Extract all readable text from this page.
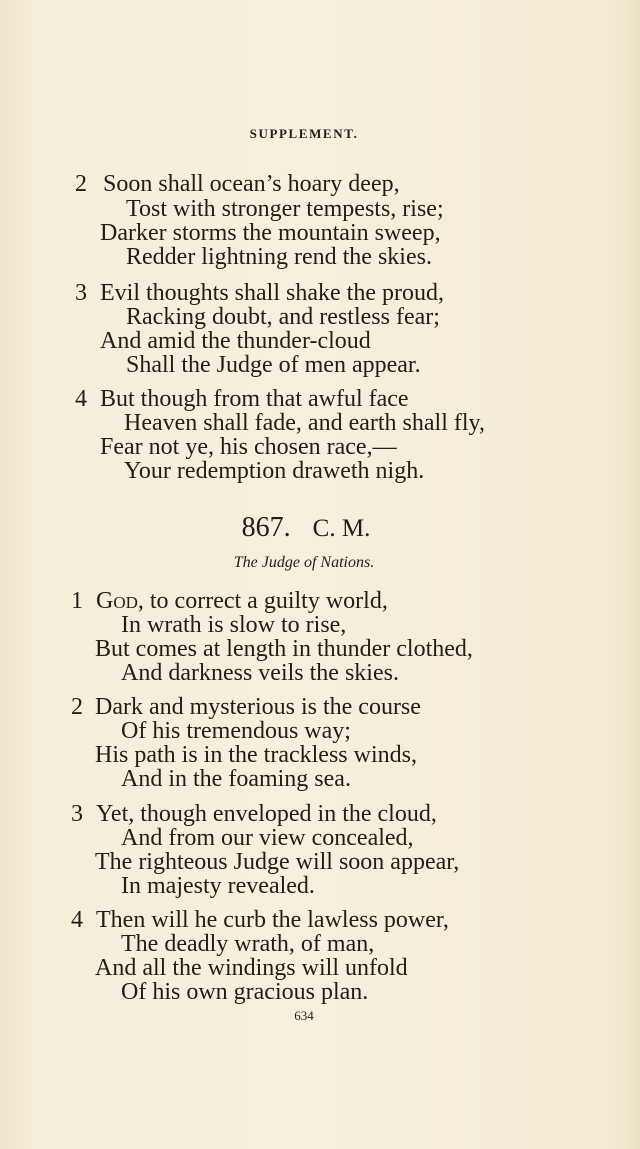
SUPPLEMENT.
2 Soon shall ocean’s hoary deep,
Tost with stronger tempests, rise;
Darker storms the mountain sweep,
Redder lightning rend the skies.
3 Evil thoughts shall shake the proud,
Racking doubt, and restless fear;
And amid the thunder-cloud
Shall the Judge of men appear.
4 But though from that awful face
Heaven shall fade, and earth shall fly,
Fear not ye, his chosen race,—
Your redemption draweth nigh.
867. C. M.
The Judge of Nations.
1 God, to correct a guilty world,
In wrath is slow to rise,
But comes at length in thunder clothed,
And darkness veils the skies.
2 Dark and mysterious is the course
Of his tremendous way;
His path is in the trackless winds,
And in the foaming sea.
3 Yet, though enveloped in the cloud,
And from our view concealed,
The righteous Judge will soon appear,
In majesty revealed.
4 Then will he curb the lawless power,
The deadly wrath, of man,
And all the windings will unfold
Of his own gracious plan.
634
